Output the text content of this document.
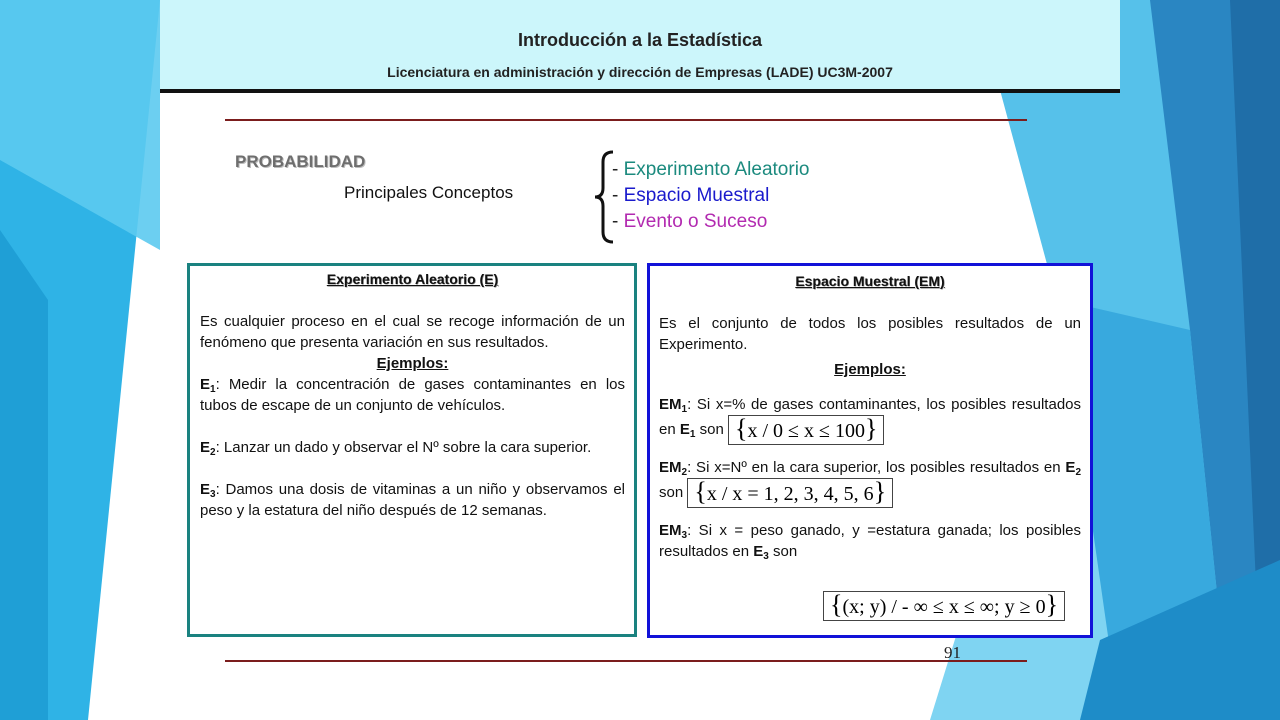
Introducción a la Estadística
Licenciatura en administración y dirección de Empresas (LADE) UC3M-2007
PROBABILIDAD
Principales Conceptos
- Experimento Aleatorio
- Espacio Muestral
- Evento o Suceso
Experimento Aleatorio (E)

Es cualquier proceso en el cual se recoge información de un fenómeno que presenta variación en sus resultados.

Ejemplos:

$E_1$: Medir la concentración de gases contaminantes en los tubos de escape de un conjunto de vehículos.

$E_2$: Lanzar un dado y observar el Nº sobre la cara superior.

$E_3$: Damos una dosis de vitaminas a un niño y observamos el peso y la estatura del niño después de 12 semanas.

Espacio Muestral (EM)

Es el conjunto de todos los posibles resultados de un Experimento.

Ejemplos:

$EM_1$: Si x=% de gases contaminantes, los posibles resultados en $E_1$ son {x / 0 ≤ x ≤ 100}

$EM_2$: Si x=Nº en la cara superior, los posibles resultados en $E_2$ son {x / x = 1, 2, 3, 4, 5, 6}

$EM_3$: Si x = peso ganado, y =estatura ganada; los posibles resultados en $E_3$ son

{(x; y) / - ∞ ≤ x ≤ ∞; y ≥ 0}
91
